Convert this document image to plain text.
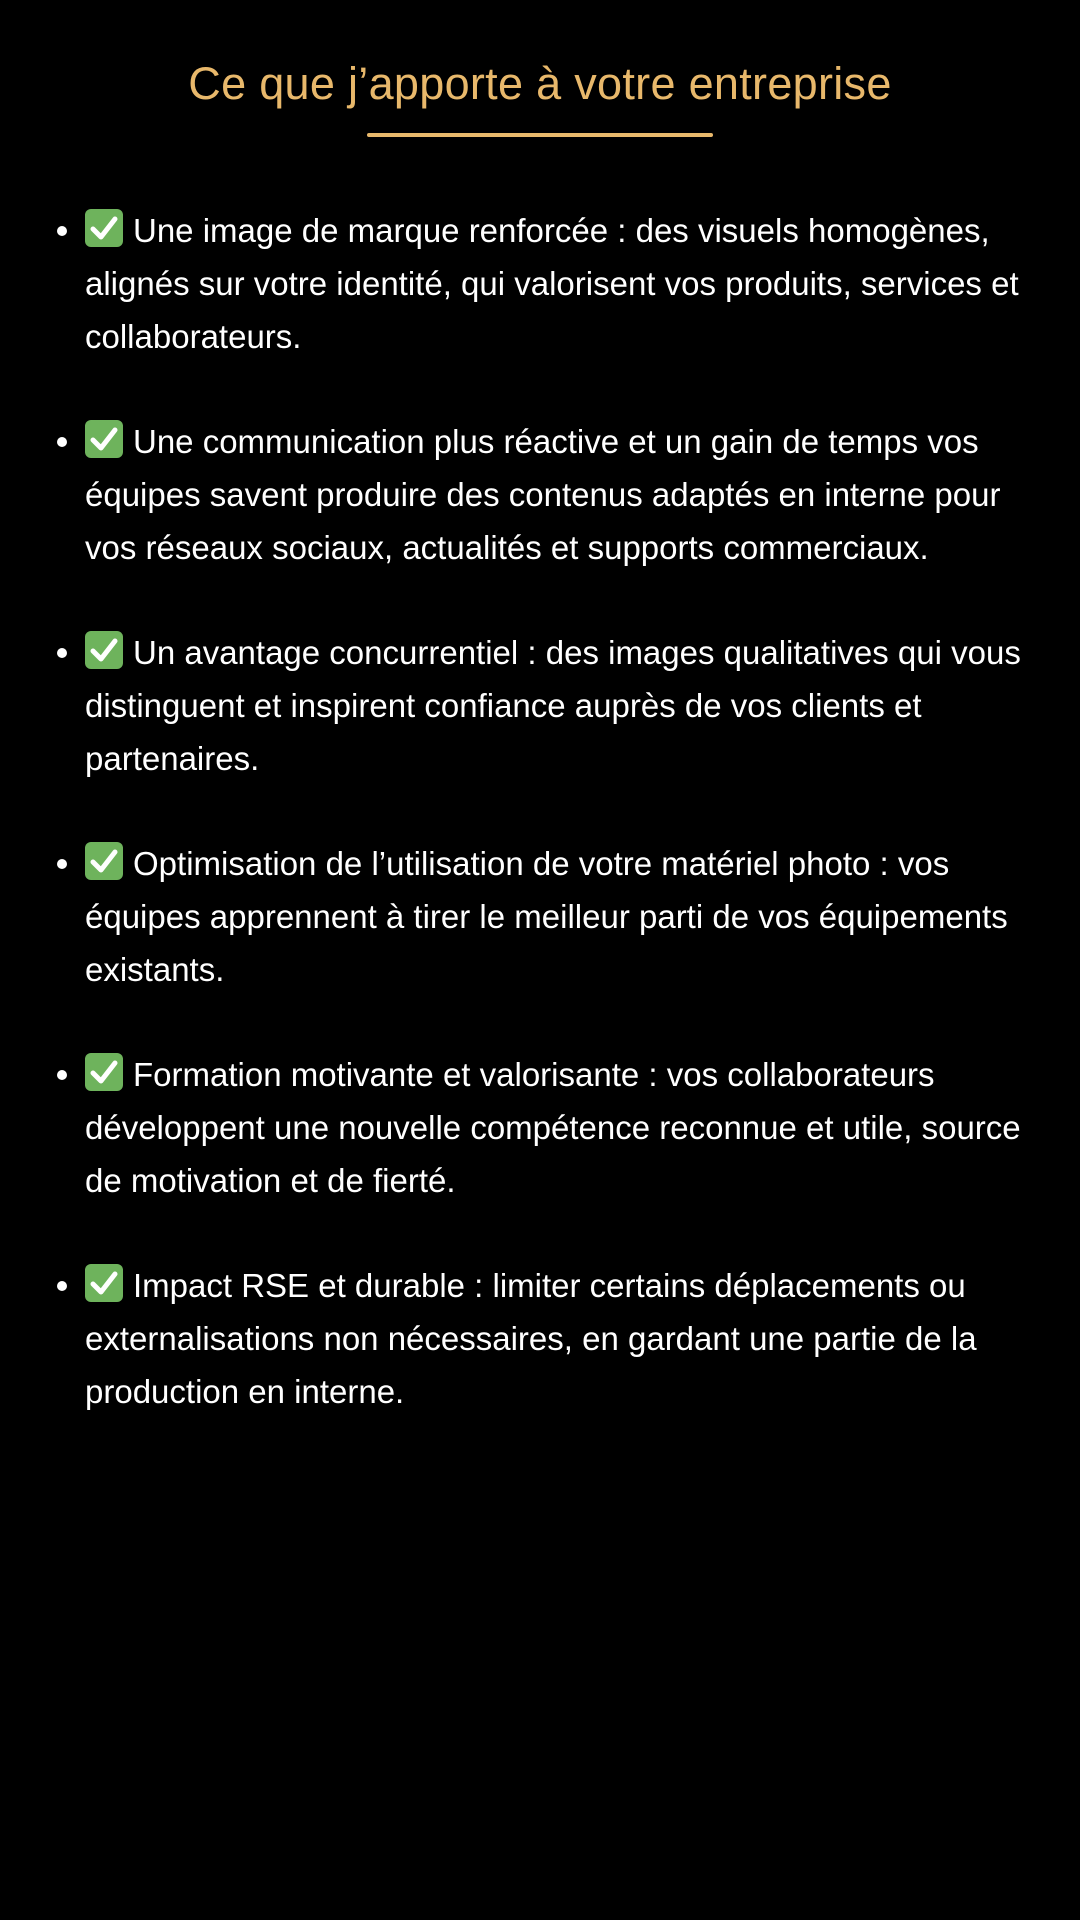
Ce que j’apporte à votre entreprise
Une image de marque renforcée : des visuels homogènes, alignés sur votre identité, qui valorisent vos produits, services et collaborateurs.
Une communication plus réactive et un gain de temps vos équipes savent produire des contenus adaptés en interne pour vos réseaux sociaux, actualités et supports commerciaux.
Un avantage concurrentiel : des images qualitatives qui vous distinguent et inspirent confiance auprès de vos clients et partenaires.
Optimisation de l’utilisation de votre matériel photo : vos équipes apprennent à tirer le meilleur parti de vos équipements existants.
Formation motivante et valorisante : vos collaborateurs développent une nouvelle compétence reconnue et utile, source de motivation et de fierté.
Impact RSE et durable : limiter certains déplacements ou externalisations non nécessaires, en gardant une partie de la production en interne.
